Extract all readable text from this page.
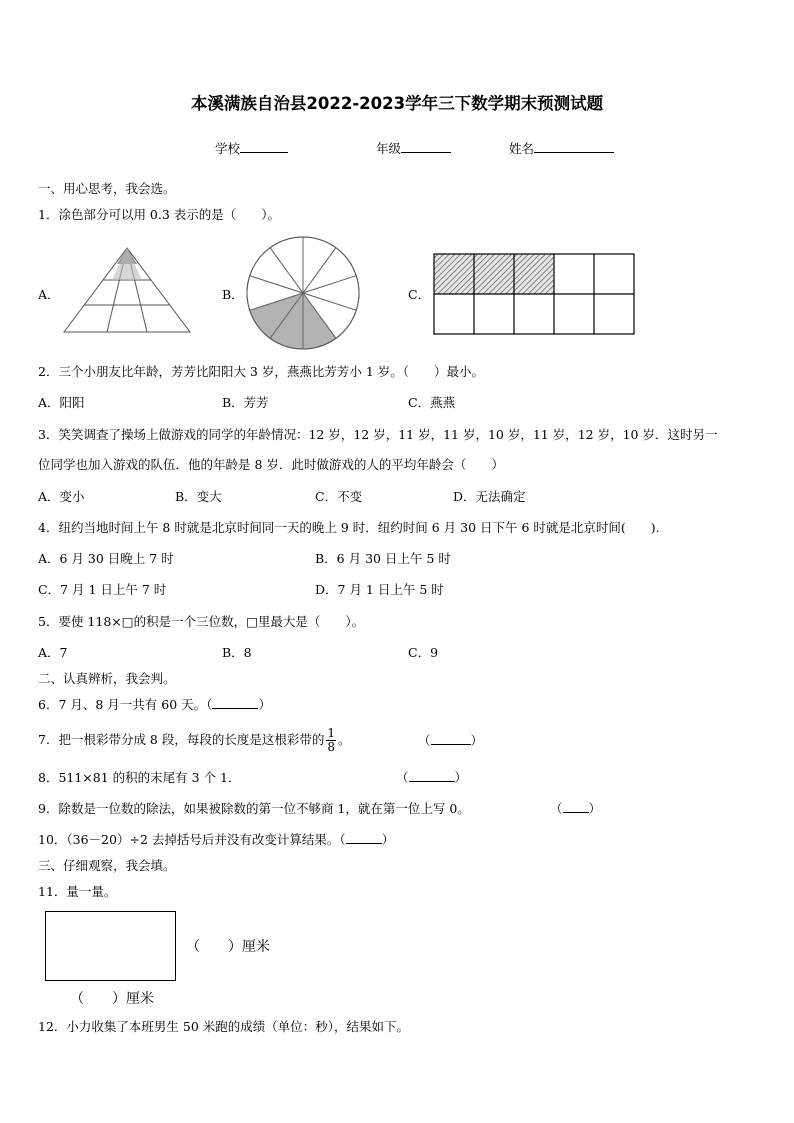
本溪满族自治县2022-2023学年三下数学期末预测试题
学校	年级	姓名
一、用心思考，我会选。
1．涂色部分可以用 0.3 表示的是（　　）。
A．	B．	C．
2．三个小朋友比年龄，芳芳比阳阳大 3 岁，燕燕比芳芳小 1 岁。（　　）最小。
A．阳阳	B．芳芳	C．燕燕
3．笑笑调查了操场上做游戏的同学的年龄情况：12 岁，12 岁，11 岁，11 岁，10 岁，11 岁，12 岁，10 岁．这时另一
位同学也加入游戏的队伍．他的年龄是 8 岁．此时做游戏的人的平均年龄会（　　）
A．变小	B．变大	C．不变	D．无法确定
4．纽约当地时间上午 8 时就是北京时间同一天的晚上 9 时．纽约时间 6 月 30 日下午 6 时就是北京时间(　　).
A．6 月 30 日晚上 7 时	B．6 月 30 日上午 5 时
C．7 月 1 日上午 7 时	D．7 月 1 日上午 5 时
5．要使 118×□的积是一个三位数，□里最大是（　　）。
A．7	B．8	C．9
二、认真辨析，我会判。
6．7 月、8 月一共有 60 天。（	）
7．把一根彩带分成 8 段，每段的长度是这根彩带的 $\frac{1}{8}$ 。	（	）
8．511×81 的积的末尾有 3 个 1．	（	）
9．除数是一位数的除法，如果被除数的第一位不够商 1，就在第一位上写 0。	（ ）
10．（36－20）÷2 去掉括号后并没有改变计算结果。（	）
三、仔细观察，我会填。
11．量一量。
（　　）厘米
（　　）厘米
12．小力收集了本班男生 50 米跑的成绩（单位：秒），结果如下。
